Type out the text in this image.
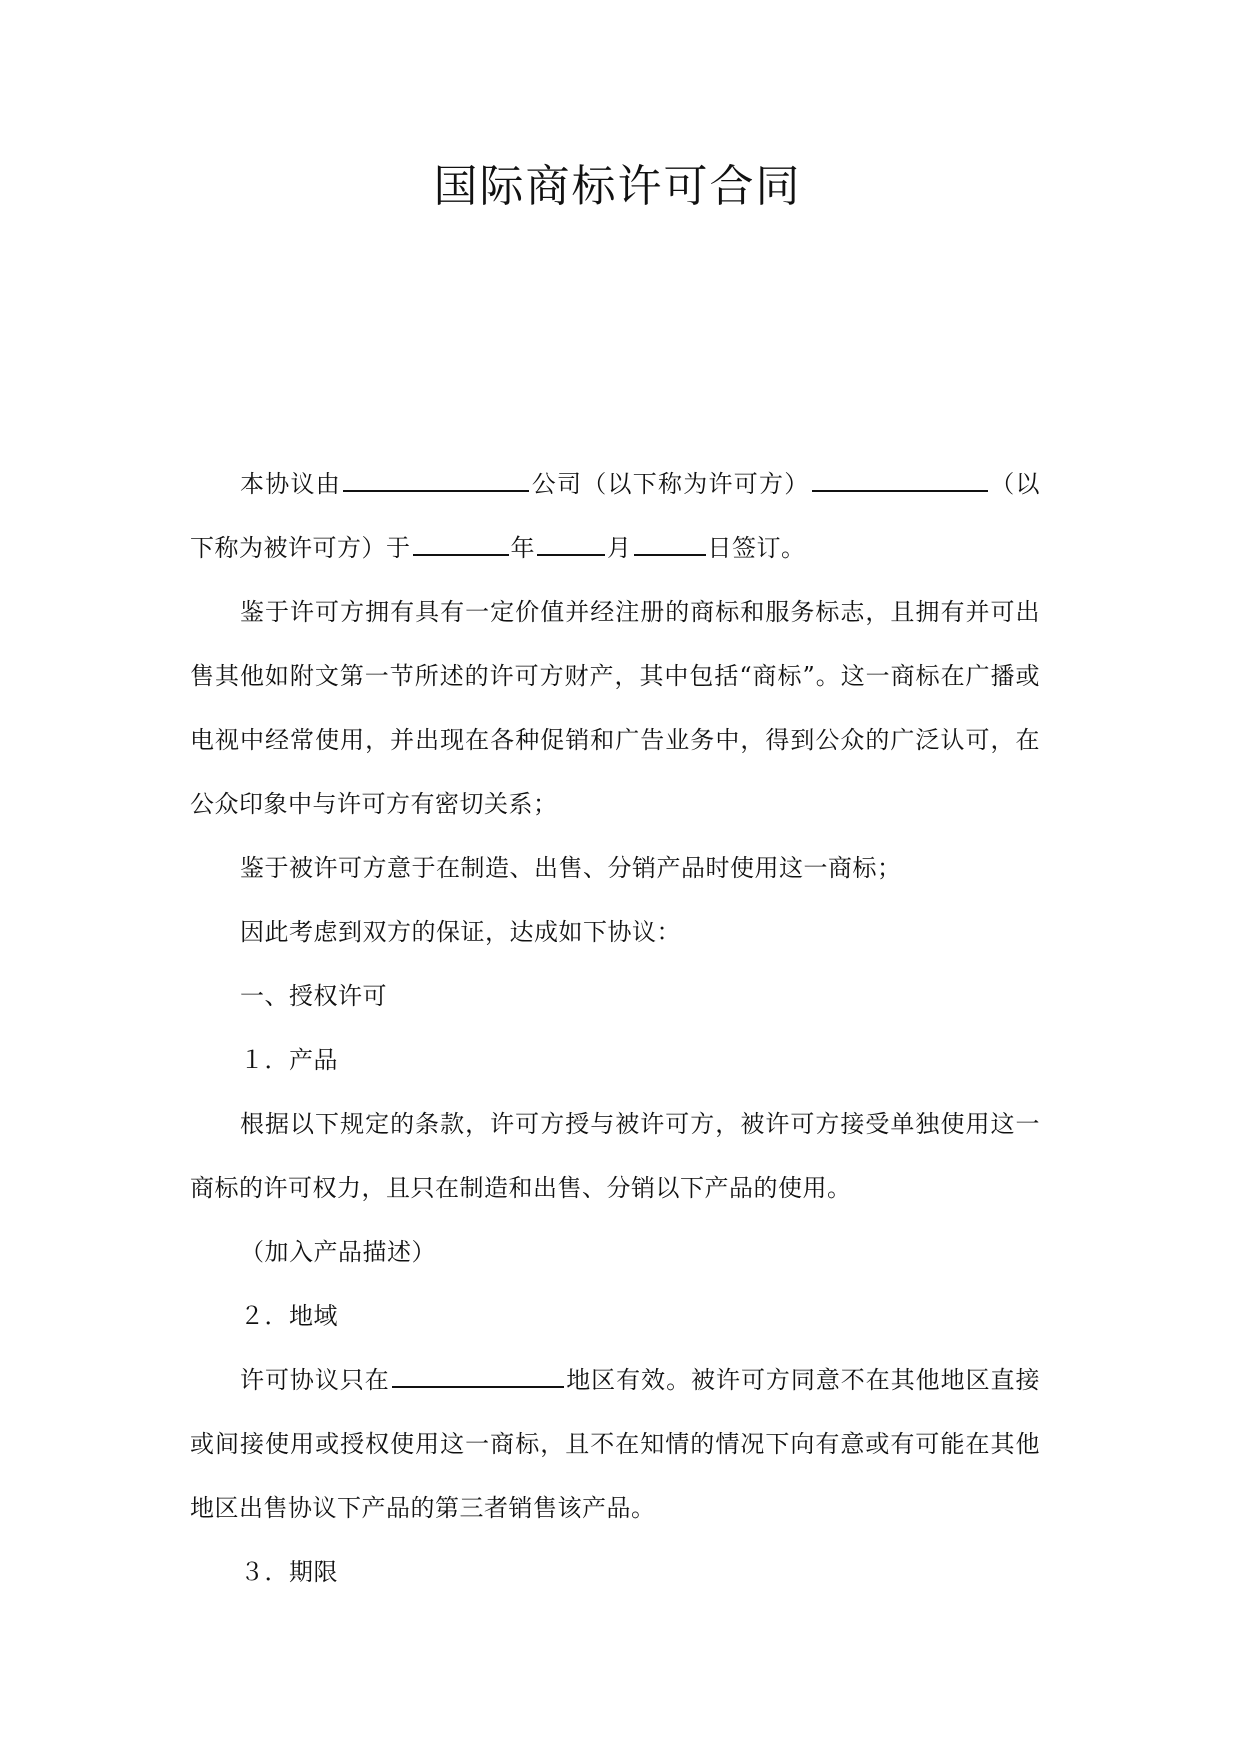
国际商标许可合同

本协议由	公司（以下称为许可方）	（以下称为被许可方）于	年	月	日签订。

鉴于许可方拥有具有一定价值并经注册的商标和服务标志，且拥有并可出售其他如附文第一节所述的许可方财产，其中包括“商标”。这一商标在广播或电视中经常使用，并出现在各种促销和广告业务中，得到公众的广泛认可，在公众印象中与许可方有密切关系；

鉴于被许可方意于在制造、出售、分销产品时使用这一商标；

因此考虑到双方的保证，达成如下协议：

一、授权许可

１．产品

根据以下规定的条款，许可方授与被许可方，被许可方接受单独使用这一商标的许可权力，且只在制造和出售、分销以下产品的使用。

（加入产品描述）

２．地域

许可协议只在	地区有效。被许可方同意不在其他地区直接或间接使用或授权使用这一商标，且不在知情的情况下向有意或有可能在其他地区出售协议下产品的第三者销售该产品。

３．期限
